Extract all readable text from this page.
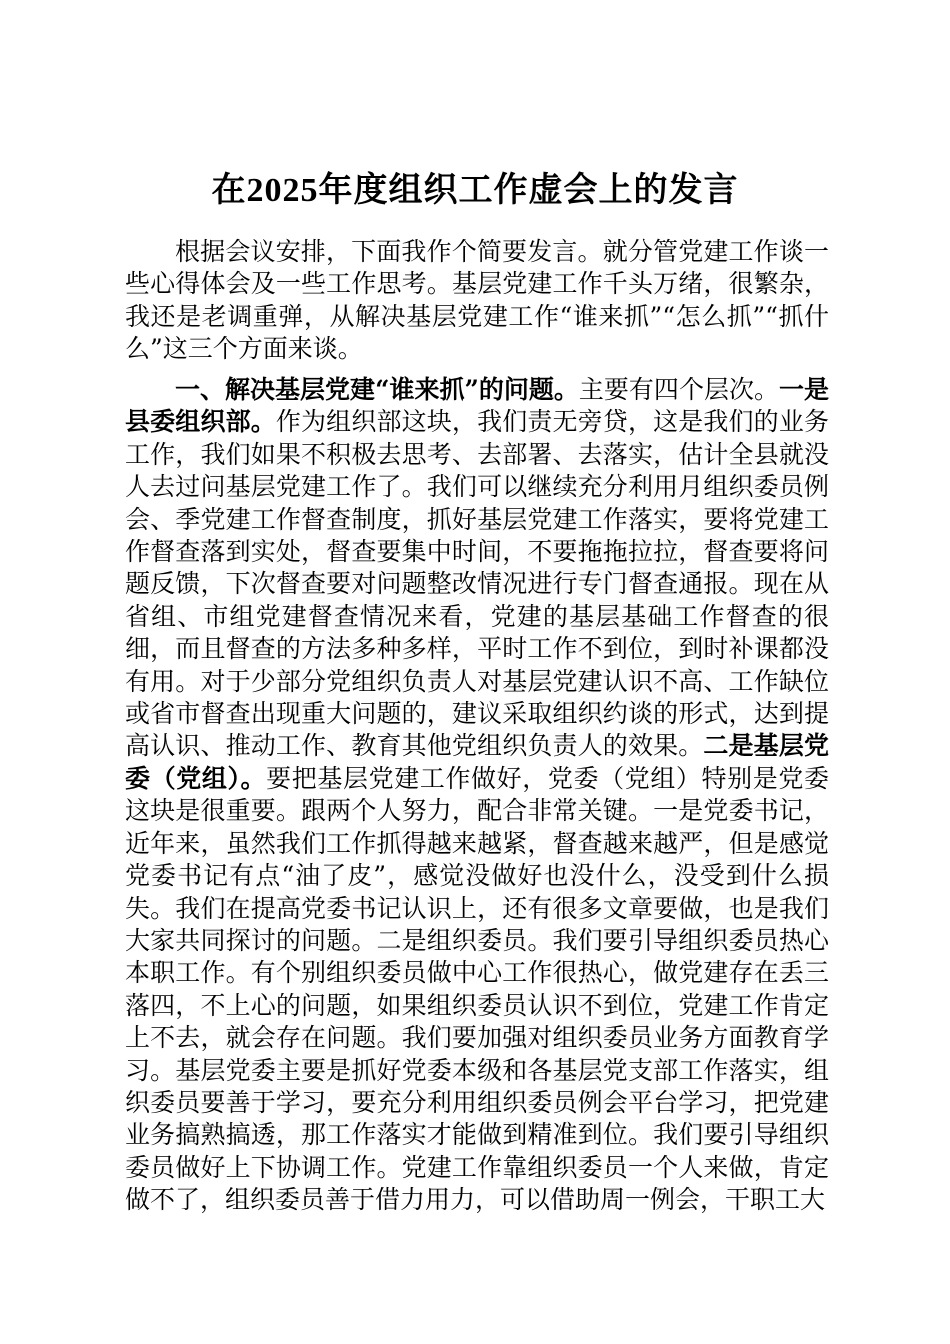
在2025年度组织工作虚会上的发言

根据会议安排，下面我作个简要发言。就分管党建工作谈一些心得体会及一些工作思考。基层党建工作千头万绪，很繁杂，我还是老调重弹，从解决基层党建工作“谁来抓”“怎么抓”“抓什么”这三个方面来谈。

一、解决基层党建“谁来抓”的问题。主要有四个层次。一是县委组织部。作为组织部这块，我们责无旁贷，这是我们的业务工作，我们如果不积极去思考、去部署、去落实，估计全县就没人去过问基层党建工作了。我们可以继续充分利用月组织委员例会、季党建工作督查制度，抓好基层党建工作落实，要将党建工作督查落到实处，督查要集中时间，不要拖拖拉拉，督查要将问题反馈，下次督查要对问题整改情况进行专门督查通报。现在从省组、市组党建督查情况来看，党建的基层基础工作督查的很细，而且督查的方法多种多样，平时工作不到位，到时补课都没有用。对于少部分党组织负责人对基层党建认识不高、工作缺位或省市督查出现重大问题的，建议采取组织约谈的形式，达到提高认识、推动工作、教育其他党组织负责人的效果。二是基层党委（党组）。要把基层党建工作做好，党委（党组）特别是党委这块是很重要。跟两个人努力，配合非常关键。一是党委书记，近年来，虽然我们工作抓得越来越紧，督查越来越严，但是感觉党委书记有点“油了皮”，感觉没做好也没什么，没受到什么损失。我们在提高党委书记认识上，还有很多文章要做，也是我们大家共同探讨的问题。二是组织委员。我们要引导组织委员热心本职工作。有个别组织委员做中心工作很热心，做党建存在丢三落四，不上心的问题，如果组织委员认识不到位，党建工作肯定上不去，就会存在问题。我们要加强对组织委员业务方面教育学习。基层党委主要是抓好党委本级和各基层党支部工作落实，组织委员要善于学习，要充分利用组织委员例会平台学习，把党建业务搞熟搞透，那工作落实才能做到精准到位。我们要引导组织委员做好上下协调工作。党建工作靠组织委员一个人来做，肯定做不了，组织委员善于借力用力，可以借助周一例会，干职工大
